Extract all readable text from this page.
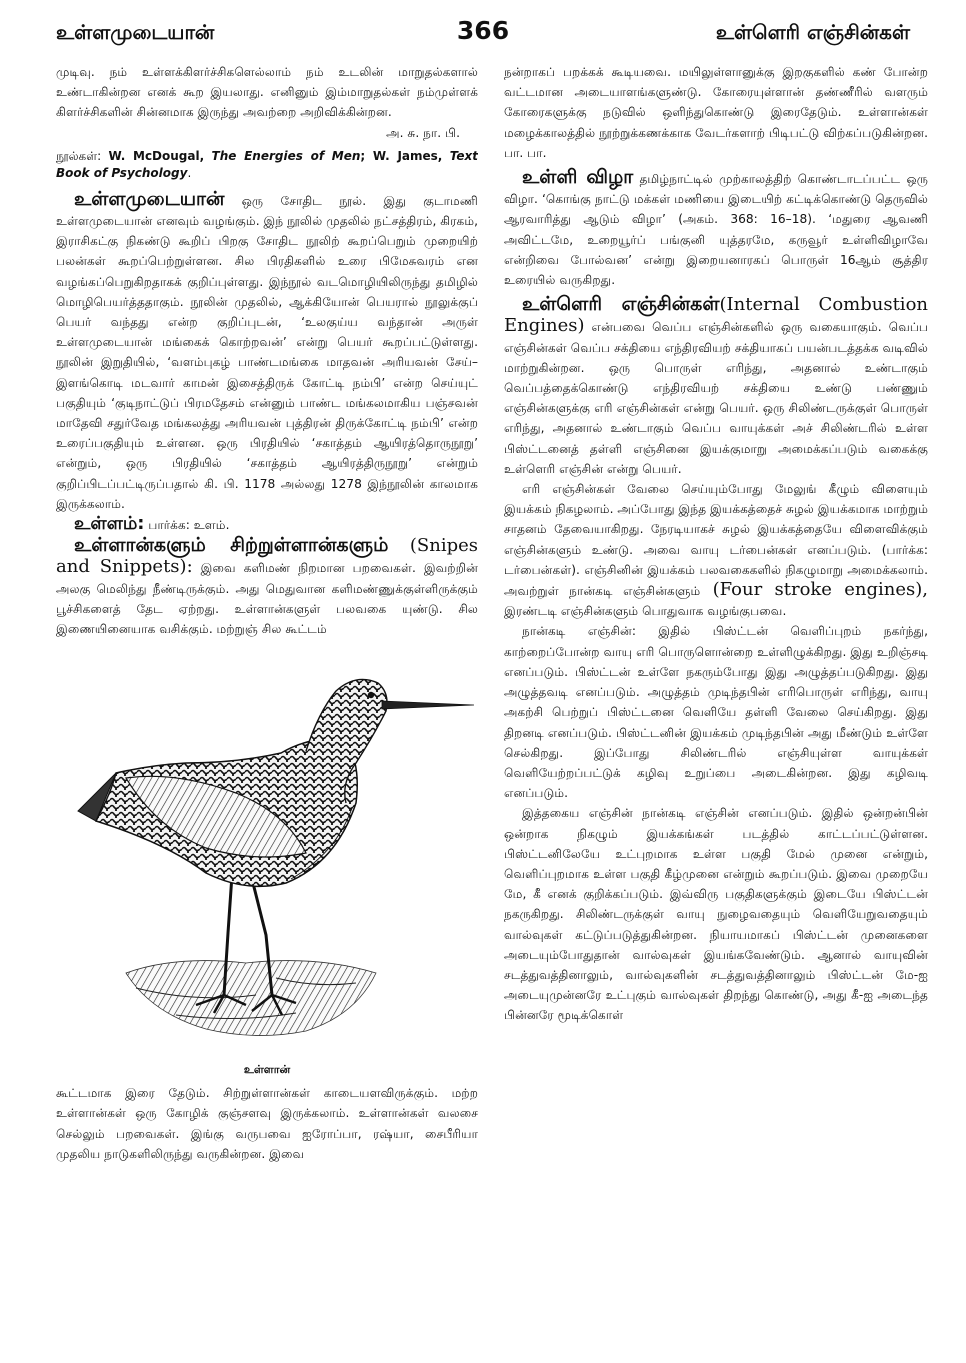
உள்ளமுடையான்	366	உள்ளெரி எஞ்சின்கள்

முடிவு. நம் உள்ளக்கிளர்ச்சிகளெல்லாம் நம் உடலின் மாறுதல்களால் உண்டாகின்றன எனக் கூற இயலாது. எனினும் இம்மாறுதல்கள் நம்முள்ளக் கிளர்ச்சிகளின் சின்னமாக இருந்து அவற்றை அறிவிக்கின்றன.

அ. சு. நா. பி.

நூல்கள்: W. McDougal, The Energies of Men; W. James, Text Book of Psychology.

உள்ளமுடையான் ஒரு சோதிட நூல். இது குடாமணி உள்ளமுடையான் எனவும் வழங்கும். இந் நூலில் முதலில் நட்சத்திரம், கிரகம், இராசிகட்கு நிகண்டு கூறிப் பிறகு சோதிட நூலிற் கூறப்பெறும் முறையிற் பலன்கள் கூறப்பெற்றுள்ளன. சில பிரதிகளில் உரை பிமேசுவரம் என வழங்கப்பெறுகிறதாகக் குறிப்புள்ளது. இந்நூல் வடமொழியிலிருந்து தமிழில் மொழிபெயர்த்ததாகும். நூலின் முதலில், ஆக்கியோன் பெயரால் நூலுக்குப் பெயர் வந்தது என்ற குறிப்புடன், ‘உலகுய்ய வந்தான் அருள் உள்ளமுடையான் மங்கைக் கொற்றவன்’ என்று பெயர் கூறப்பட்டுள்ளது. நூலின் இறுதியில், ‘வளம்புகழ் பாண்டமங்கை மாதவன் அரியவன் சேய்–இளங்கொடி மடவார் காமன் இசைத்திருக் கோட்டி நம்பி’ என்ற செய்யுட் பகுதியும் ‘குடிநாட்டுப் பிரமதேசம் என்னும் பாண்ட மங்கலமாகிய பஞ்சவன் மாதேவி சதுர்வேத மங்கலத்து அரியவன் புத்திரன் திருக்கோட்டி நம்பி’ என்ற உரைப்பகுதியும் உள்ளன. ஒரு பிரதியில் ‘சகாத்தம் ஆயிரத்தொருநூறு’ என்றும், ஒரு பிரதியில் ‘சகாத்தம் ஆயிரத்திருநூறு’ என்றும் குறிப்பிடப்பட்டிருப்பதால் கி. பி. 1178 அல்லது 1278 இந்நூலின் காலமாக இருக்கலாம்.

உள்ளம்: பார்க்க: உளம்.

உள்ளான்களும் சிற்றுள்ளான்களும் (Snipes and Snippets): இவை களிமண் நிறமான பறவைகள். இவற்றின் அலகு மெலிந்து நீண்டிருக்கும். அது மெதுவான களிமண்ணுக்குள்ளிருக்கும் பூச்சிகளைத் தேட ஏற்றது. உள்ளான்களுள் பலவகை யுண்டு. சில இணையினையாக வசிக்கும். மற்றுஞ் சில கூட்டம்

உள்ளான்

கூட்டமாக இரை தேடும். சிற்றுள்ளான்கள் காடையளவிருக்கும். மற்ற உள்ளான்கள் ஒரு கோழிக் குஞ்சளவு இருக்கலாம். உள்ளான்கள் வலசை செல்லும் பறவைகள். இங்கு வருபவை ஐரோப்பா, ரஷ்யா, சைபீரியா முதலிய நாடுகளிலிருந்து வருகின்றன. இவை

நன்றாகப் பறக்கக் கூடியவை. மயிலுள்ளானுக்கு இறகுகளில் கண் போன்ற வட்டமான அடையாளங்களுண்டு. கோரையுள்ளான் தண்ணீரில் வளரும் கோரைகளுக்கு நடுவில் ஒளிந்துகொண்டு இரைதேடும். உள்ளான்கள் மழைக்காலத்தில் நூற்றுக்கணக்காக வேடர்களாற் பிடிபட்டு விற்கப்படுகின்றன. பா. பா.

உள்ளி விழா தமிழ்நாட்டில் முற்காலத்திற் கொண்டாடப்பட்ட ஒரு விழா. ‘கொங்கு நாட்டு மக்கள் மணியை இடையிற் கட்டிக்கொண்டு தெருவில் ஆரவாரித்து ஆடும் விழா’ (அகம். 368: 16–18). ‘மதுரை ஆவணி அவிட்டமே, உறையூர்ப் பங்குனி யுத்தரமே, கருவூர் உள்ளிவிழாவே என்றிவை போல்வன’ என்று இறையனாரகப் பொருள் 16ஆம் சூத்திர உரையில் வருகிறது.

உள்ளெரி எஞ்சின்கள்(Internal Combustion Engines) என்பவை வெப்ப எஞ்சின்களில் ஒரு வகையாகும். வெப்ப எஞ்சின்கள் வெப்ப சக்தியை எந்திரவியற் சக்தியாகப் பயன்படத்தக்க வடிவில் மாற்றுகின்றன. ஒரு பொருள் எரிந்து, அதனால் உண்டாகும் வெப்பத்தைக்கொண்டு எந்திரவியற் சக்தியை உண்டு பண்ணும் எஞ்சின்களுக்கு எரி எஞ்சின்கள் என்று பெயர். ஒரு சிலிண்டருக்குள் பொருள் எரிந்து, அதனால் உண்டாகும் வெப்ப வாயுக்கள் அச் சிலிண்டரில் உள்ள பிஸ்ட்டனைத் தள்ளி எஞ்சினை இயக்குமாறு அமைக்கப்படும் வகைக்கு உள்ளெரி எஞ்சின் என்று பெயர்.

எரி எஞ்சின்கள் வேலை செய்யும்போது மேலுங் கீழும் விளையும் இயக்கம் நிகழலாம். அப்போது இந்த இயக்கத்தைச் சுழல் இயக்கமாக மாற்றும் சாதனம் தேவையாகிறது. நேரடியாகச் சுழல் இயக்கத்தையே விளைவிக்கும் எஞ்சின்களும் உண்டு. அவை வாயு டர்பைன்கள் எனப்படும். (பார்க்க: டர்பைன்கள்). எஞ்சினின் இயக்கம் பலவகைகளில் நிகழுமாறு அமைக்கலாம். அவற்றுள் நான்கடி எஞ்சின்களும் (Four stroke engines), இரண்டடி எஞ்சின்களும் பொதுவாக வழங்குபவை.

நான்கடி எஞ்சின்: இதில் பிஸ்ட்டன் வெளிப்புறம் நகர்ந்து, காற்றைப்போன்ற வாயு எரி பொருளொன்றை உள்ளிழுக்கிறது. இது உறிஞ்சடி எனப்படும். பிஸ்ட்டன் உள்ளே நகரும்போது இது அழுத்தப்படுகிறது. இது அழுத்தவடி எனப்படும். அழுத்தம் முடிந்தபின் எரிபொருள் எரிந்து, வாயு அகற்சி பெற்றுப் பிஸ்ட்டனை வெளியே தள்ளி வேலை செய்கிறது. இது திறனடி எனப்படும். பிஸ்ட்டனின் இயக்கம் முடிந்தபின் அது மீண்டும் உள்ளே செல்கிறது. இப்போது சிலிண்டரில் எஞ்சியுள்ள வாயுக்கள் வெளியேற்றப்பட்டுக் கழிவு உறுப்பை அடைகின்றன. இது கழிவடி எனப்படும்.

இத்தகைய எஞ்சின் நான்கடி எஞ்சின் எனப்படும். இதில் ஒன்றன்பின் ஒன்றாக நிகழும் இயக்கங்கள் படத்தில் காட்டப்பட்டுள்ளன. பிஸ்ட்டனிலேயே உட்புறமாக உள்ள பகுதி மேல் முனை என்றும், வெளிப்புறமாக உள்ள பகுதி கீழ்முனை என்றும் கூறப்படும். இவை முறையே மே, கீ எனக் குறிக்கப்படும். இவ்விரு பகுதிகளுக்கும் இடையே பிஸ்ட்டன் நகருகிறது. சிலிண்டருக்குள் வாயு நுழைவதையும் வெளியேறுவதையும் வால்வுகள் கட்டுப்படுத்துகின்றன. நியாயமாகப் பிஸ்ட்டன் முனைகளை அடையும்போதுதான் வால்வுகள் இயங்கவேண்டும். ஆனால் வாயுவின் சடத்துவத்தினாலும், வால்வுகளின் சடத்துவத்தினாலும் பிஸ்ட்டன் மே-ஐ அடையுமுன்னரே உட்புகும் வால்வுகள் திறந்து கொண்டு, அது கீ-ஐ அடைந்த பின்னரே மூடிக்கொள்
